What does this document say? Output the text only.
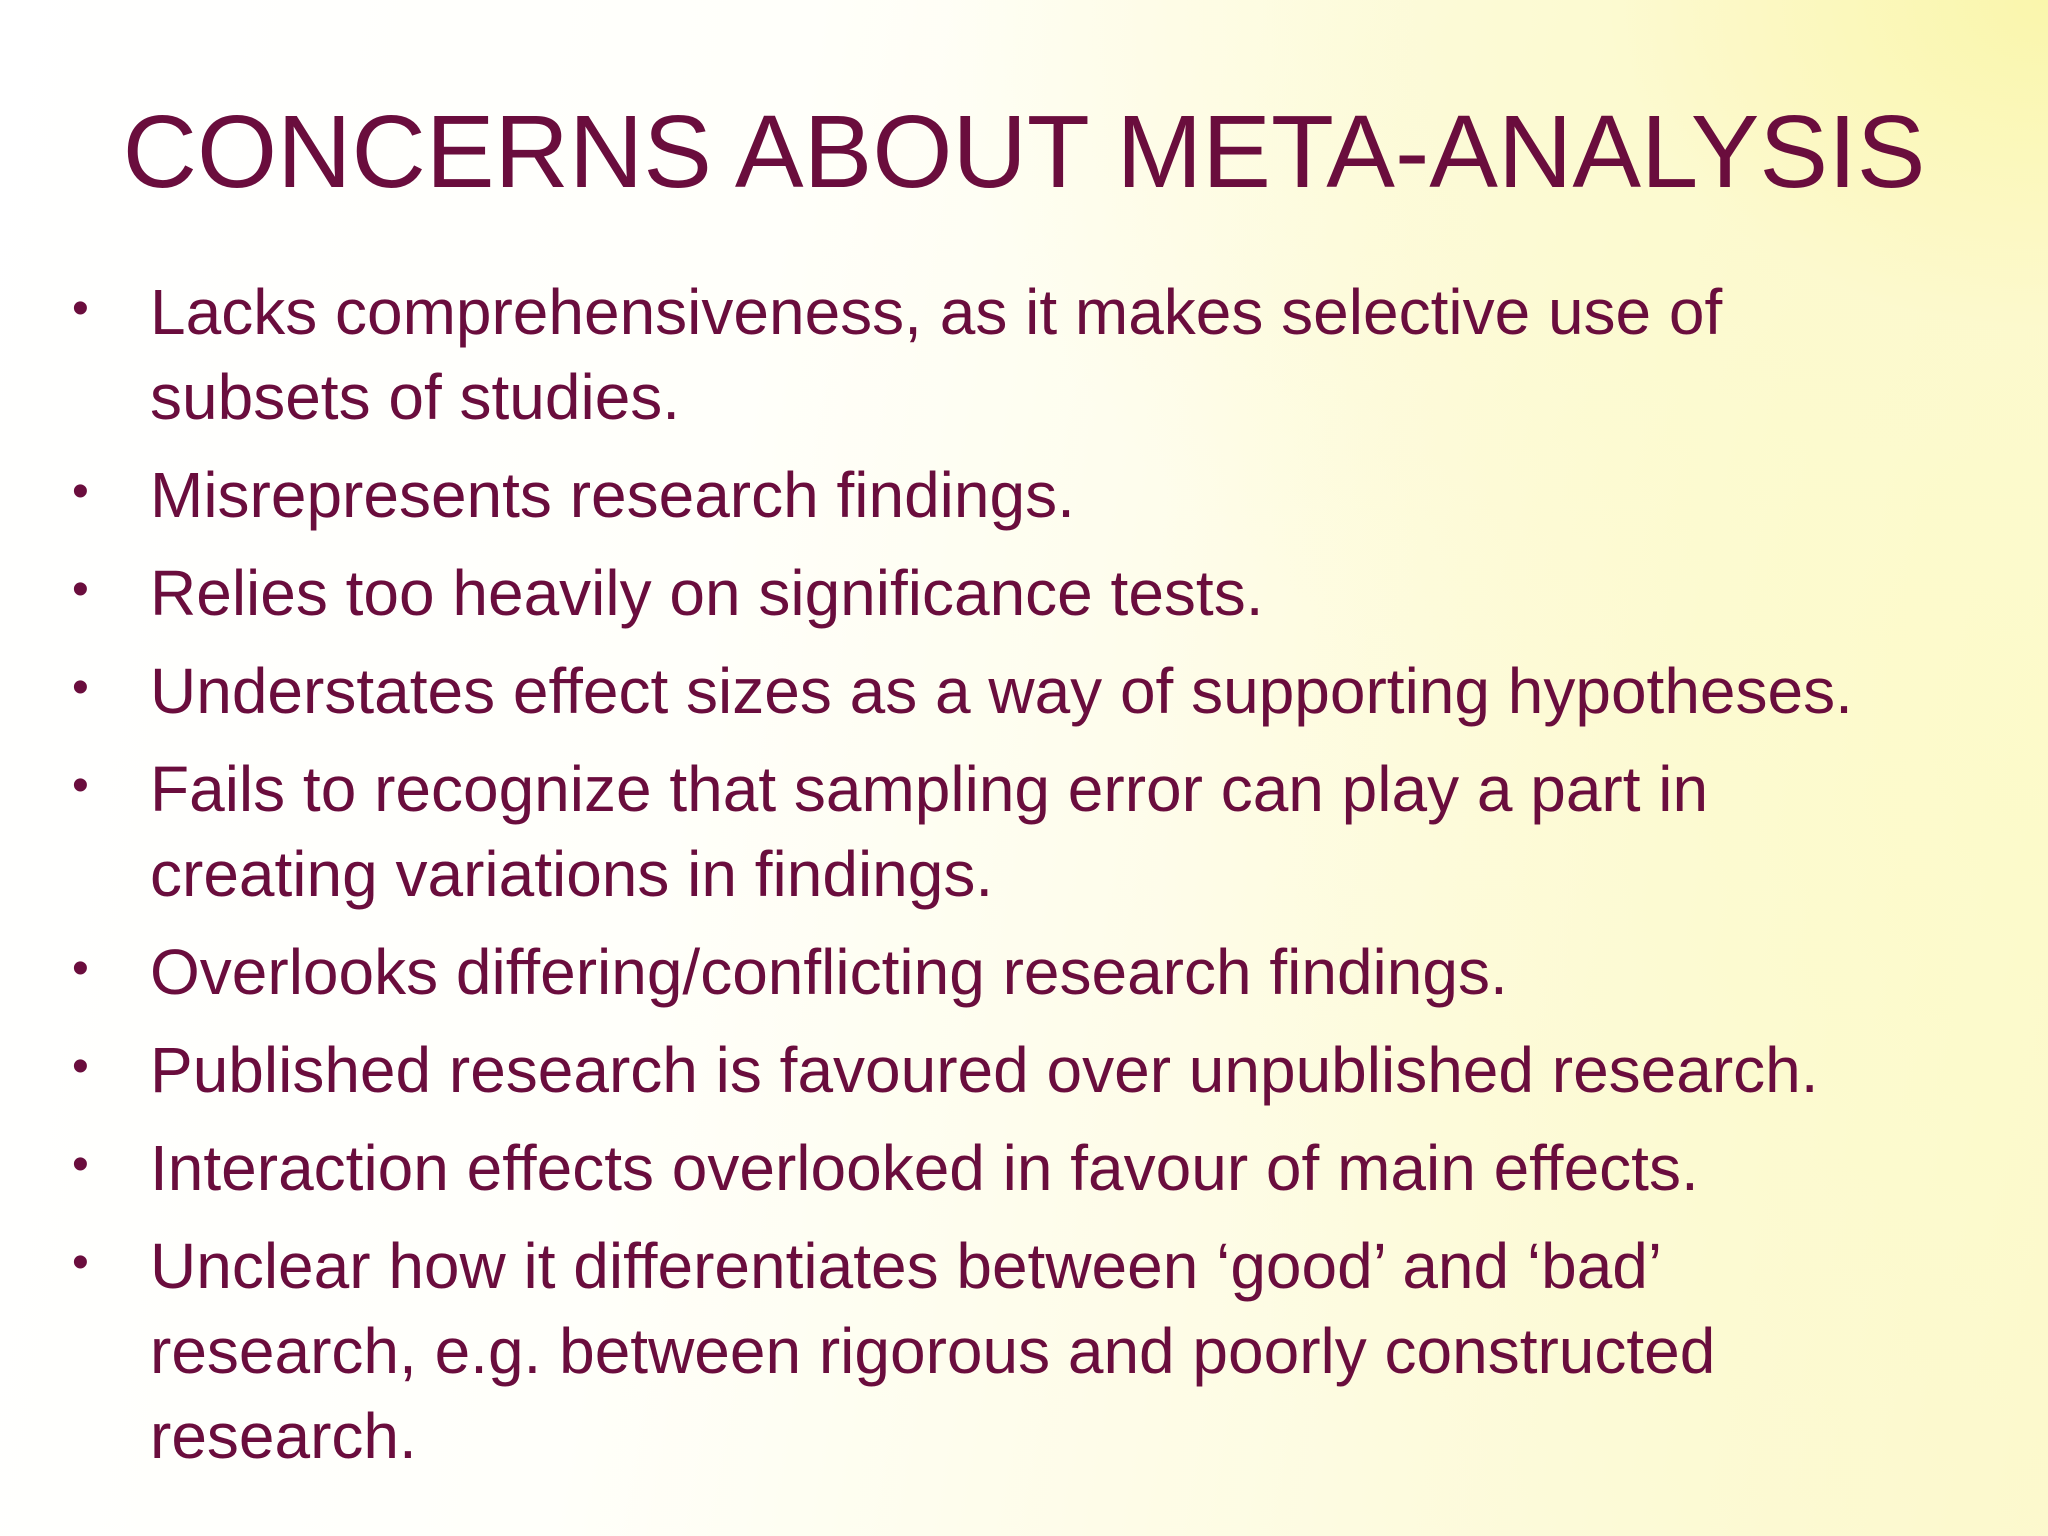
CONCERNS ABOUT META-ANALYSIS
• Lacks comprehensiveness, as it makes selective use of
subsets of studies.
• Misrepresents research findings.
• Relies too heavily on significance tests.
• Understates effect sizes as a way of supporting hypotheses.
• Fails to recognize that sampling error can play a part in
creating variations in findings.
• Overlooks differing/conflicting research findings.
• Published research is favoured over unpublished research.
• Interaction effects overlooked in favour of main effects.
• Unclear how it differentiates between ‘good’ and ‘bad’
research, e.g. between rigorous and poorly constructed
research.
